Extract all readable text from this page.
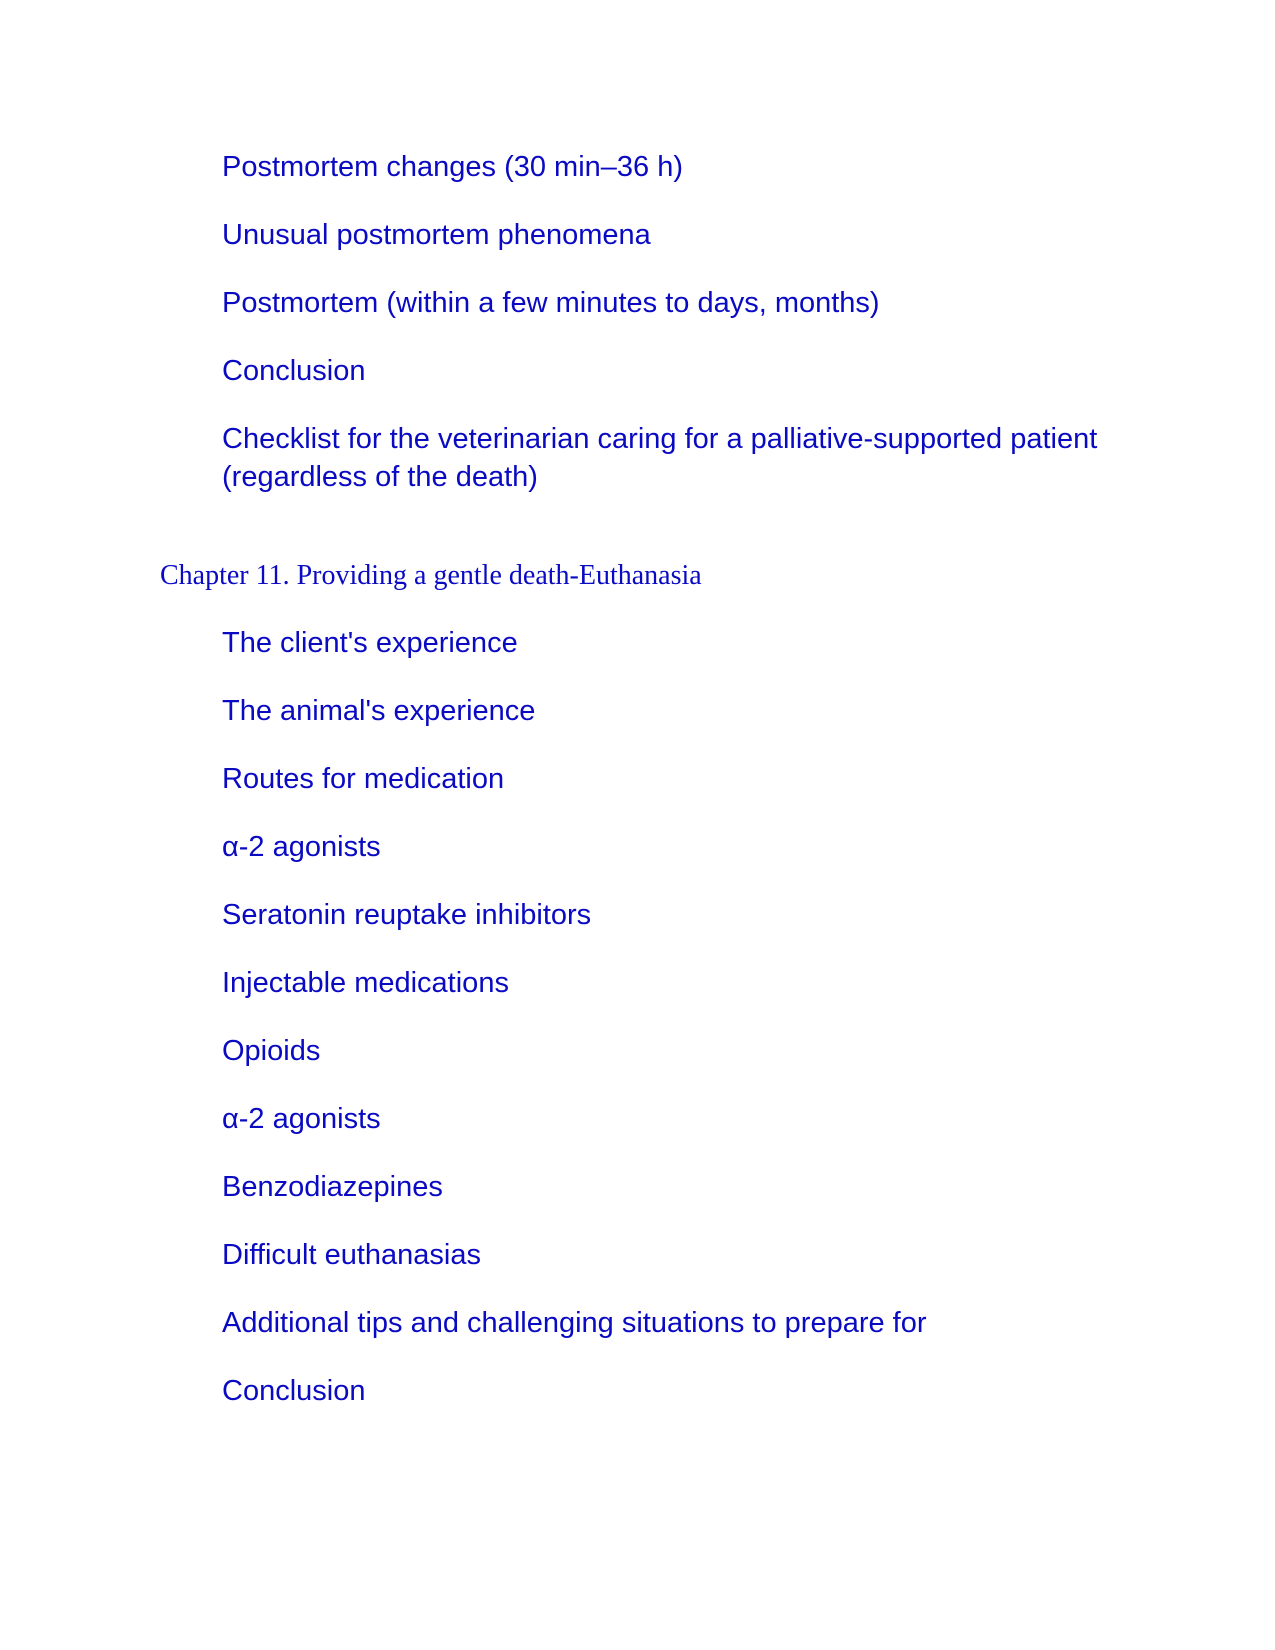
Postmortem changes (30 min–36 h)
Unusual postmortem phenomena
Postmortem (within a few minutes to days, months)
Conclusion
Checklist for the veterinarian caring for a palliative-supported patient (regardless of the death)
Chapter 11. Providing a gentle death-Euthanasia
The client's experience
The animal's experience
Routes for medication
α-2 agonists
Seratonin reuptake inhibitors
Injectable medications
Opioids
α-2 agonists
Benzodiazepines
Difficult euthanasias
Additional tips and challenging situations to prepare for
Conclusion
